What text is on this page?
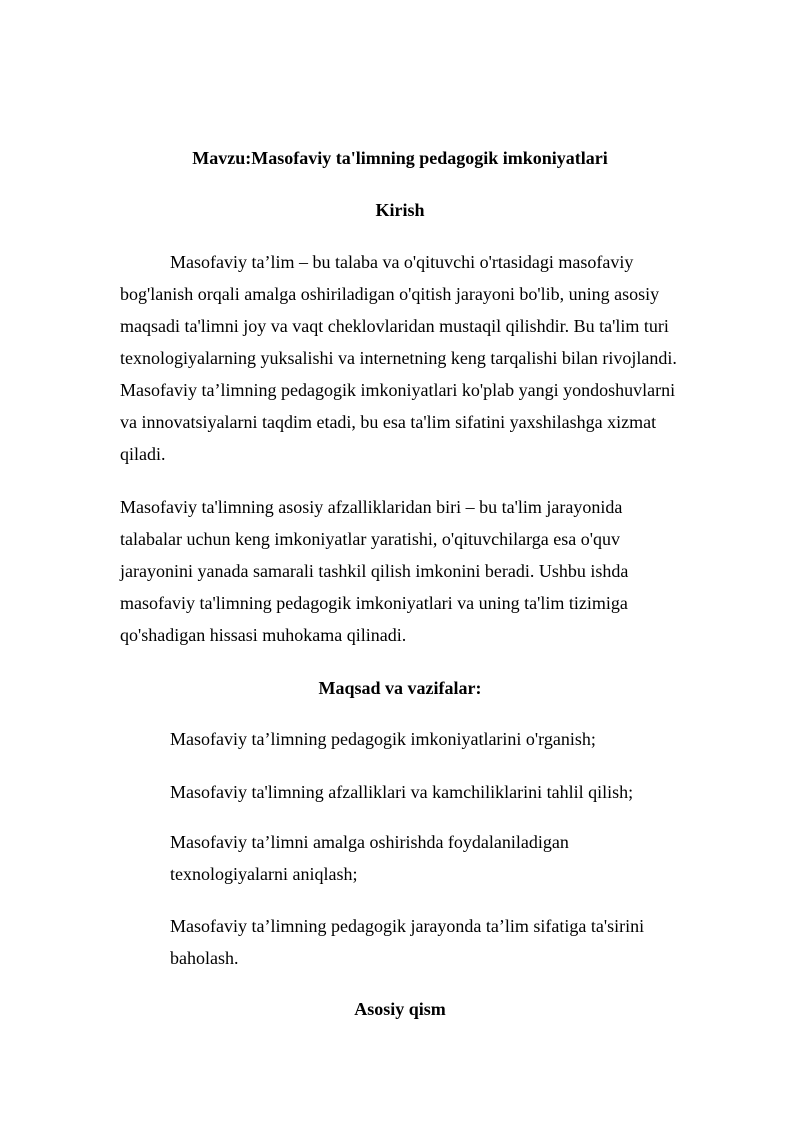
Mavzu:Masofaviy ta'limning pedagogik imkoniyatlari
Kirish

Masofaviy ta’lim – bu talaba va o'qituvchi o'rtasidagi masofaviy bog'lanish orqali amalga oshiriladigan o'qitish jarayoni bo'lib, uning asosiy maqsadi ta'limni joy va vaqt cheklovlaridan mustaqil qilishdir. Bu ta'lim turi texnologiyalarning yuksalishi va internetning keng tarqalishi bilan rivojlandi. Masofaviy ta’limning pedagogik imkoniyatlari ko'plab yangi yondoshuvlarni va innovatsiyalarni taqdim etadi, bu esa ta'lim sifatini yaxshilashga xizmat qiladi.

Masofaviy ta'limning asosiy afzalliklaridan biri – bu ta'lim jarayonida talabalar uchun keng imkoniyatlar yaratishi, o'qituvchilarga esa o'quv jarayonini yanada samarali tashkil qilish imkonini beradi. Ushbu ishda masofaviy ta'limning pedagogik imkoniyatlari va uning ta'lim tizimiga qo'shadigan hissasi muhokama qilinadi.

Maqsad va vazifalar:

Masofaviy ta’limning pedagogik imkoniyatlarini o'rganish;

Masofaviy ta'limning afzalliklari va kamchiliklarini tahlil qilish;

Masofaviy ta’limni amalga oshirishda foydalaniladigan texnologiyalarni aniqlash;

Masofaviy ta’limning pedagogik jarayonda ta’lim sifatiga ta'sirini baholash.

Asosiy qism
